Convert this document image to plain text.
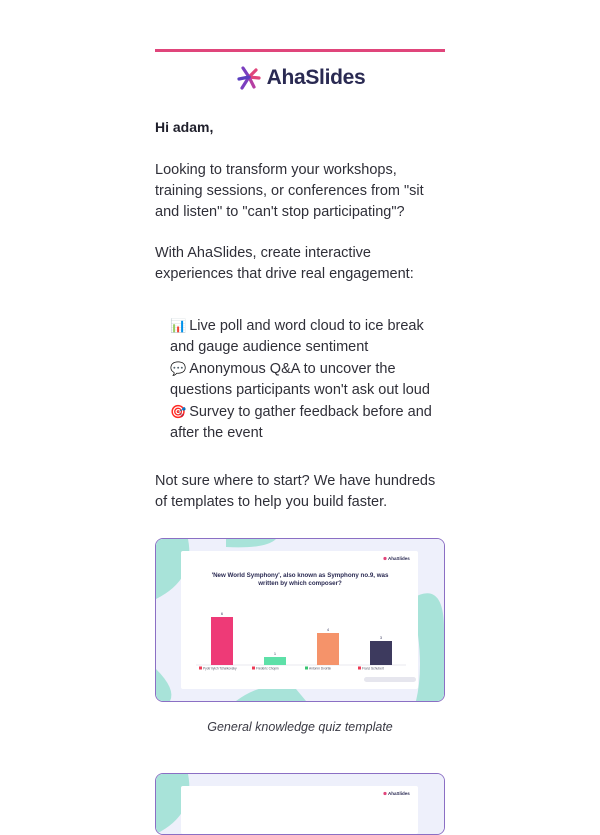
AhaSlides
Hi adam,
Looking to transform your workshops, training sessions, or conferences from "sit and listen" to "can't stop participating"?
With AhaSlides, create interactive experiences that drive real engagement:
📊 Live poll and word cloud to ice break and gauge audience sentiment
💬 Anonymous Q&A to uncover the questions participants won't ask out loud
🎯 Survey to gather feedback before and after the event
Not sure where to start? We have hundreds of templates to help you build faster.
AhaSlides
'New World Symphony', also known as Symphony no.9, was
written by which composer?
6
Pyotr Ilyich Tchaikovsky
1
Frédéric Chopin
4
Antonín Dvořák
3
Franz Schubert
General knowledge quiz template
AhaSlides
